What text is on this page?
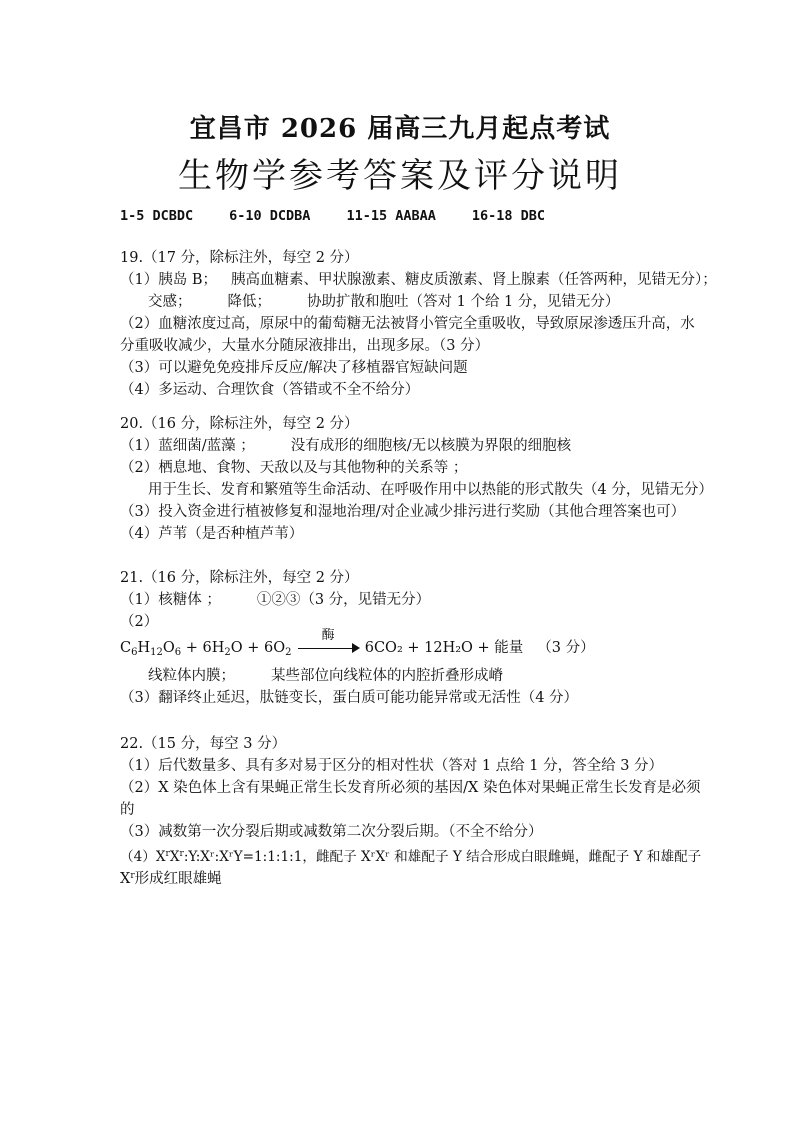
宜昌市 2026 届高三九月起点考试
生物学参考答案及评分说明
1-5 DCBDC	6-10 DCDBA	11-15 AABAA	16-18 DBC
19.（17 分，除标注外，每空 2 分）
（1）胰岛 B； 胰高血糖素、甲状腺激素、糖皮质激素、肾上腺素（任答两种，见错无分）；
交感； 降低； 协助扩散和胞吐（答对 1 个给 1 分，见错无分）
（2）血糖浓度过高，原尿中的葡萄糖无法被肾小管完全重吸收，导致原尿渗透压升高，水
分重吸收减少，大量水分随尿液排出，出现多尿。（3 分）
（3）可以避免免疫排斥反应/解决了移植器官短缺问题
（4）多运动、合理饮食（答错或不全不给分）
20.（16 分，除标注外，每空 2 分）
（1）蓝细菌/蓝藻 ； 没有成形的细胞核/无以核膜为界限的细胞核
（2）栖息地、食物、天敌以及与其他物种的关系等 ；
用于生长、发育和繁殖等生命活动、在呼吸作用中以热能的形式散失（4 分，见错无分）
（3）投入资金进行植被修复和湿地治理/对企业减少排污进行奖励（其他合理答案也可）
（4）芦苇（是否种植芦苇）
21.（16 分，除标注外，每空 2 分）
（1）核糖体 ； ①②③（3 分，见错无分）
（2）
$C_6H_{12}O_6 + 6H_2O + 6O_2$
酶
6CO₂ + 12H₂O + 能量 （3 分）
线粒体内膜； 某些部位向线粒体的内腔折叠形成嵴
（3）翻译终止延迟，肽链变长，蛋白质可能功能异常或无活性（4 分）
22.（15 分，每空 3 分）
（1）后代数量多、具有多对易于区分的相对性状（答对 1 点给 1 分，答全给 3 分）
（2）X 染色体上含有果蝇正常生长发育所必须的基因/X 染色体对果蝇正常生长发育是必须
的
（3）减数第一次分裂后期或减数第二次分裂后期。（不全不给分）
$(4)X^rX^r:Y:Xʳ:XʳY=1:1:1:1$，雌配子 XʳXʳ 和雄配子 Y 结合形成白眼雌蝇，雌配子 Y 和雄配子
$X^r$形成红眼雄蝇
